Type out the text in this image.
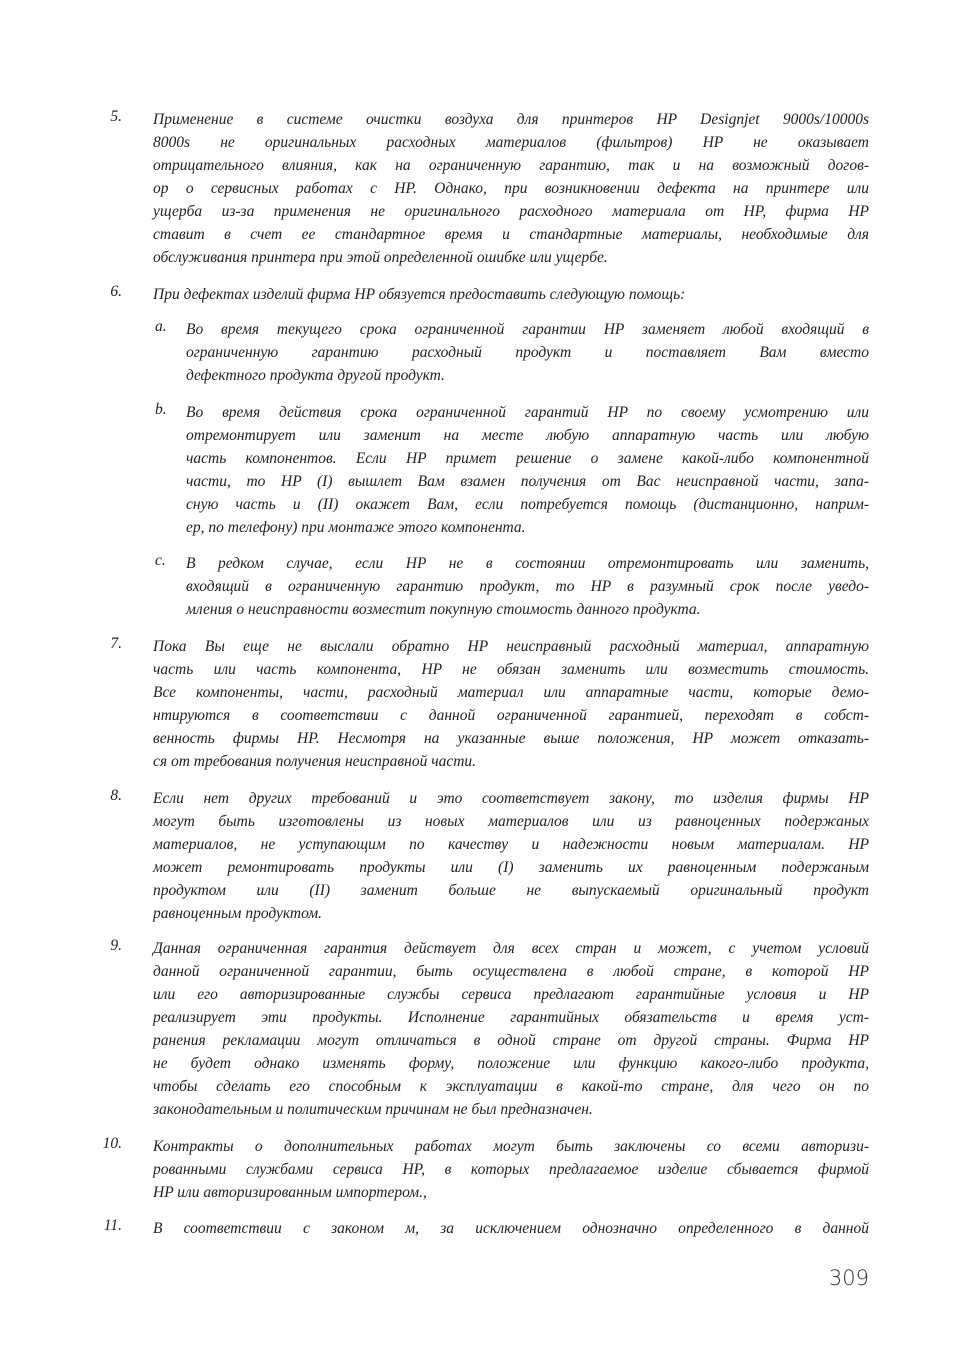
5. Применение в системе очистки воздуха для принтеров HP Designjet 9000s/10000s
8000s не оригинальных расходных материалов (фильтров) HP не оказывает
отрицательного влияния, как на ограниченную гарантию, так и на возможный догов-
ор о сервисных работах с HP. Однако, при возникновении дефекта на принтере или
ущерба из-за применения не оригинального расходного материала от HP, фирма HP
ставит в счет ее стандартное время и стандартные материалы, необходимые для
обслуживания принтера при этой определенной ошибке или ущербе.
6. При дефектах изделий фирма HP обязуется предоставить следующую помощь:
a. Во время текущего срока ограниченной гарантии HP заменяет любой входящий в
ограниченную гарантию расходный продукт и поставляет Вам вместо
дефектного продукта другой продукт.
b. Во время действия срока ограниченной гарантий HP по своему усмотрению или
отремонтирует или заменит на месте любую аппаратную часть или любую
часть компонентов. Если HP примет решение о замене какой-либо компонентной
части, то HP (I) вышлет Вам взамен получения от Вас неисправной части, запа-
сную часть и (II) окажет Вам, если потребуется помощь (дистанционно, наприм-
ер, по телефону) при монтаже этого компонента.
c. В редком случае, если HP не в состоянии отремонтировать или заменить,
входящий в ограниченную гарантию продукт, то HP в разумный срок после уведо-
мления о неисправности возместит покупную стоимость данного продукта.
7. Пока Вы еще не выслали обратно HP неисправный расходный материал, аппаратную
часть или часть компонента, HP не обязан заменить или возместить стоимость.
Все компоненты, части, расходный материал или аппаратные части, которые демо-
нтируются в соответствии с данной ограниченной гарантией, переходят в собст-
венность фирмы HP. Несмотря на указанные выше положения, HP может отказать-
ся от требования получения неисправной части.
8. Если нет других требований и это соответствует закону, то изделия фирмы HP
могут быть изготовлены из новых материалов или из равноценных подержаных
материалов, не уступающим по качеству и надежности новым материалам. HP
может ремонтировать продукты или (I) заменить их равноценным подержаным
продуктом или (II) заменит больше не выпускаемый оригинальный продукт
равноценным продуктом.
9. Данная ограниченная гарантия действует для всех стран и может, с учетом условий
данной ограниченной гарантии, быть осуществлена в любой стране, в которой HP
или его авторизированные службы сервиса предлагают гарантийные условия и HP
реализирует эти продукты. Исполнение гарантийных обязательств и время уст-
ранения рекламации могут отличаться в одной стране от другой страны. Фирма HP
не будет однако изменять форму, положение или функцию какого-либо продукта,
чтобы сделать его способным к эксплуатации в какой-то стране, для чего он по
законодательным и политическим причинам не был предназначен.
10. Контракты о дополнительных работах могут быть заключены со всеми авторизи-
рованными службами сервиса HP, в которых предлагаемое изделие сбывается фирмой
HP или авторизированным импортером.,
11. В соответствии с законом м, за исключением однозначно определенного в данной
309
